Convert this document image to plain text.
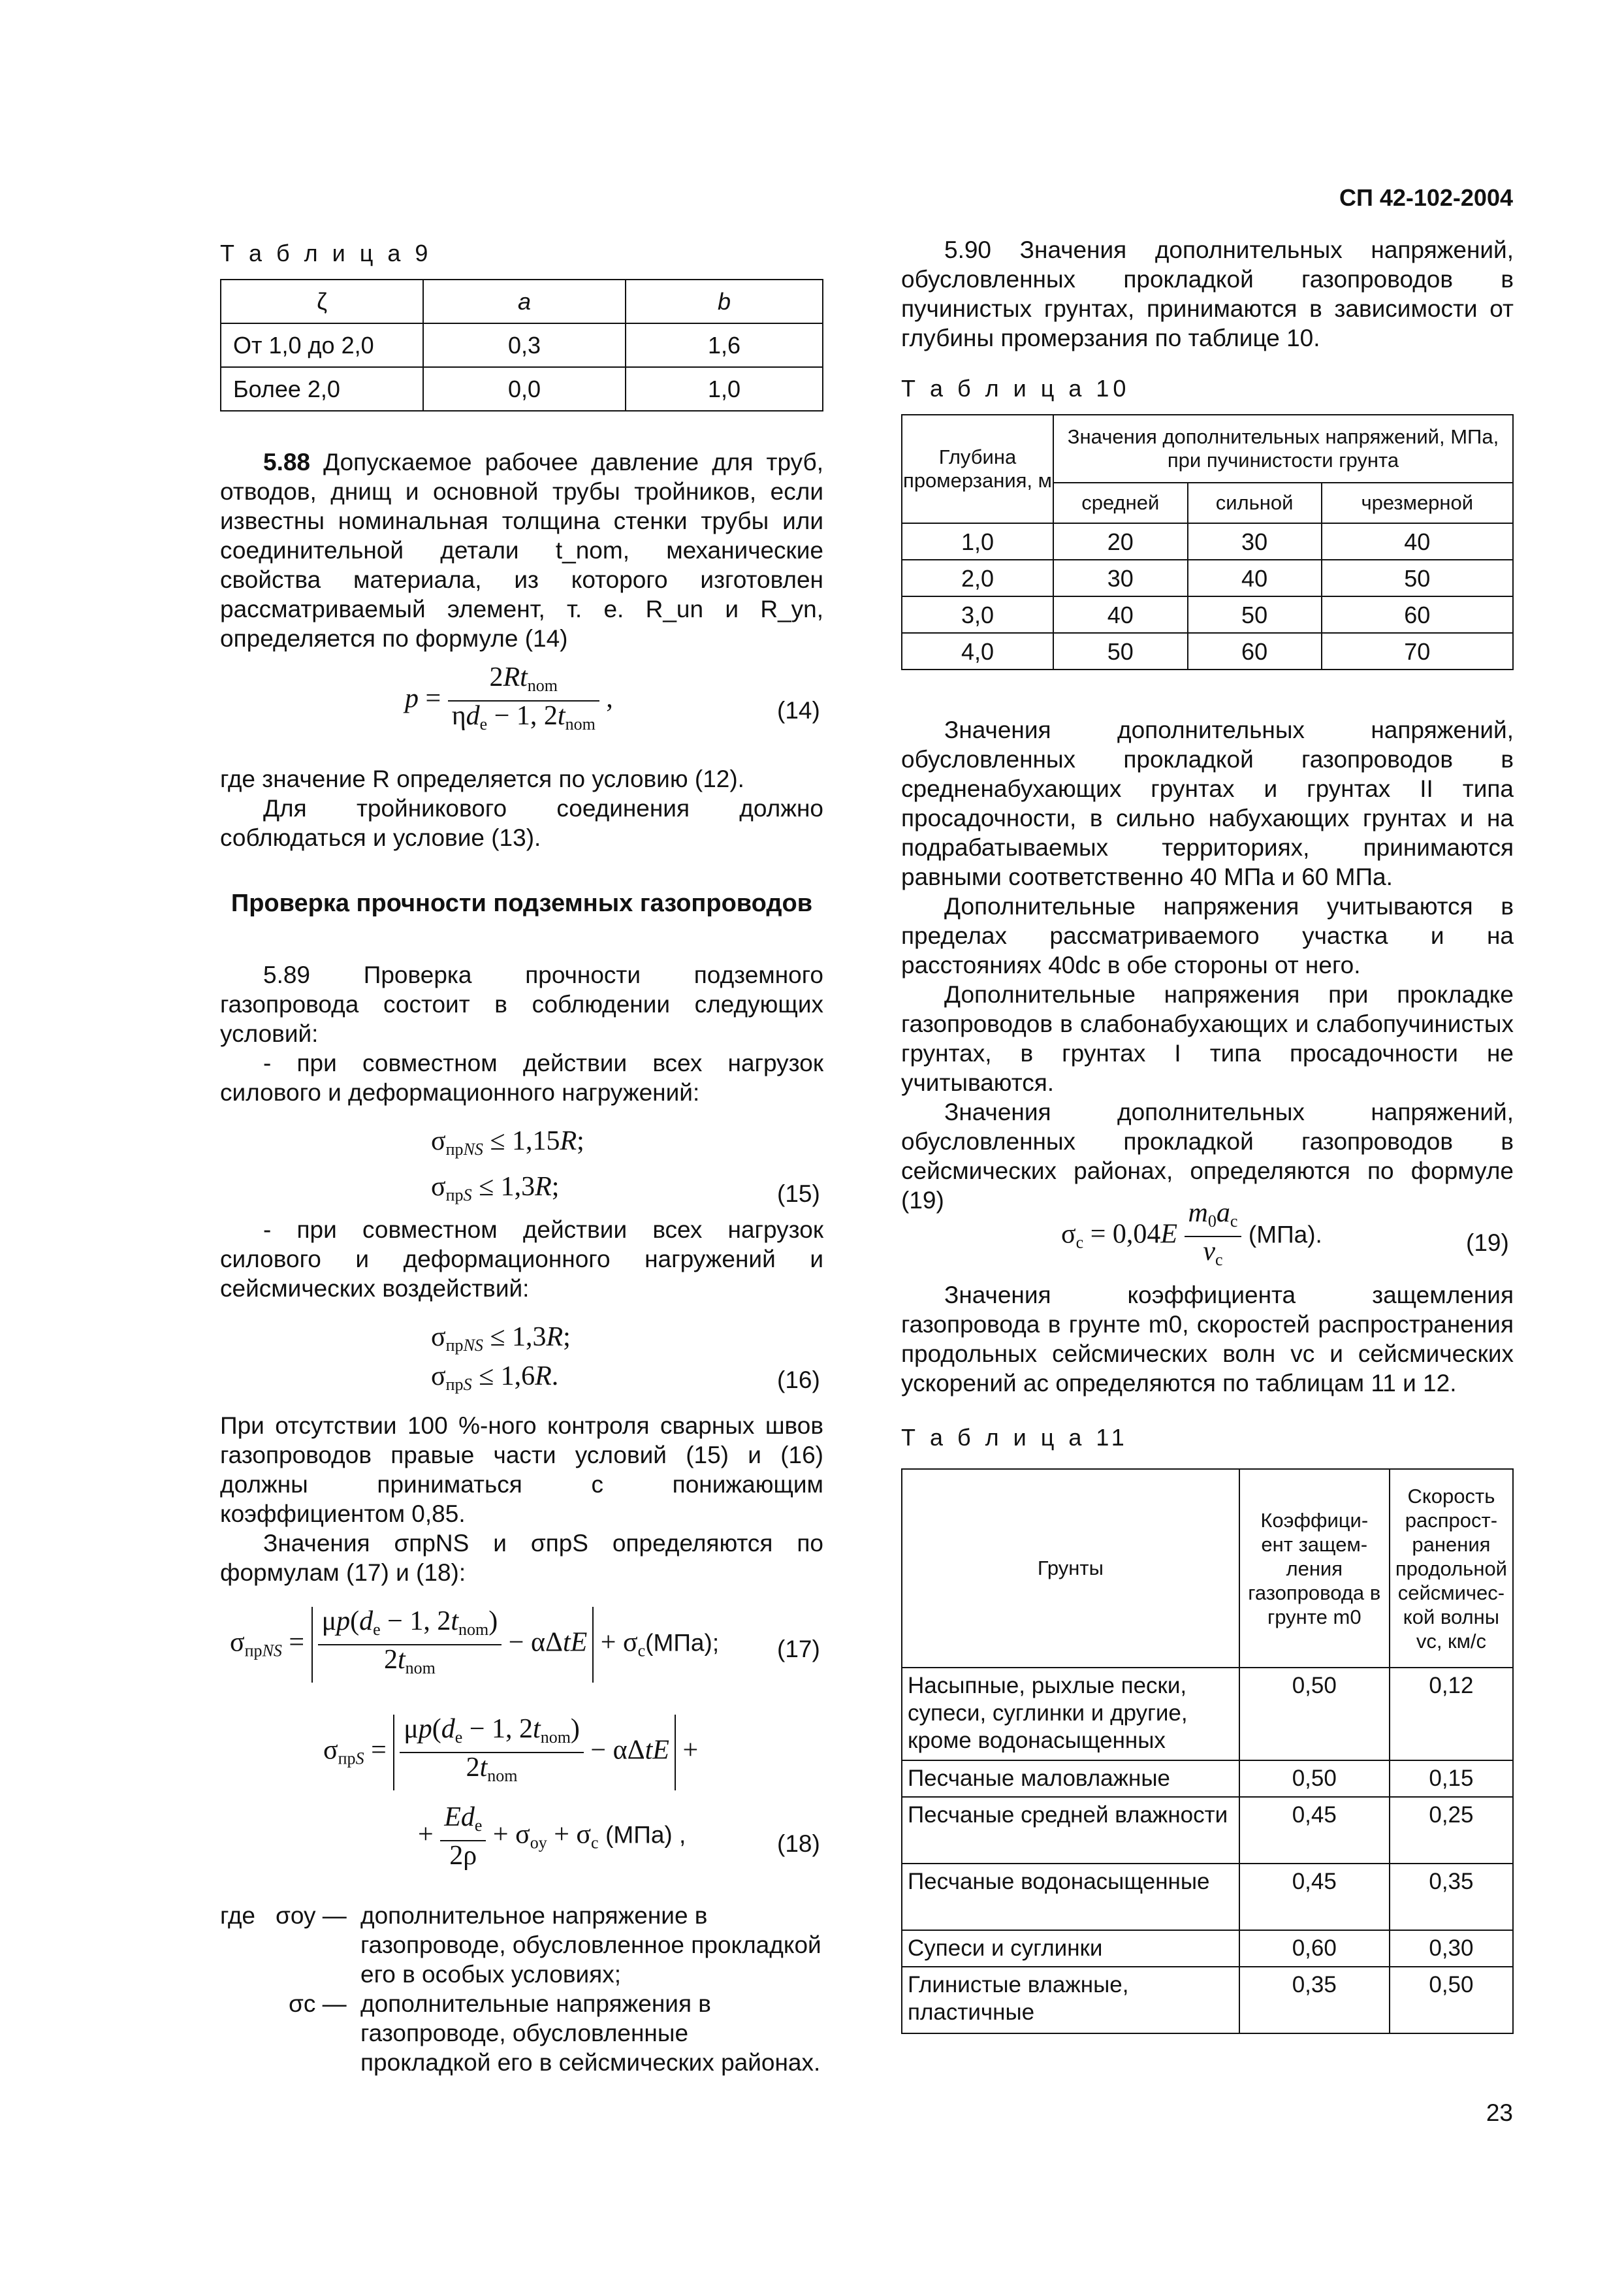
СП 42-102-2004
Т а б л и ц а 9
ζ	a	b
От 1,0 до 2,0	0,3	1,6
Более 2,0	0,0	1,0

5.88 Допускаемое рабочее давление для труб, отводов, днищ и основной трубы тройников, если известны номинальная толщина стенки трубы или соединительной детали t_nom, механические свойства материала, из которого изготовлен рассматриваемый элемент, т. е. R_un и R_yn, определяется по формуле (14)

$p = \frac{2Rt_{nom}}{\eta d_e - 1, 2t_{nom}}$ ,	(14)

где значение R определяется по условию (12).

Для тройникового соединения должно соблюдаться и условие (13).

Проверка прочности подземных газопроводов

5.89 Проверка прочности подземного газопровода состоит в соблюдении следующих условий:

- при совместном действии всех нагрузок силового и деформационного нагружений:

$\sigma_{прNS} \le 1,15R$;
$\sigma_{прS} \le 1,3R$;	(15)

- при совместном действии всех нагрузок силового и деформационного нагружений и сейсмических воздействий:

$\sigma_{прNS} \le 1,3R$;
$\sigma_{прS} \le 1,6R$.	(16)

При отсутствии 100 %-ного контроля сварных швов газопроводов правые части условий (15) и (16) должны приниматься с понижающим коэффициентом 0,85.

Значения σпрNS и σпрS определяются по формулам (17) и (18):

$\sigma_{прNS} = \frac{\mu p(d_e - 1, 2t_{nom})}{2t_{nom}} - \alpha\Delta tE + \sigma_c(МПа)$; (17)
$\sigma_{прS} = \frac{\mu p(d_e - 1, 2t_{nom})}{2t_{nom}} - \alpha\Delta tE$ +
+ $\frac{Ed_e}{2\rho} + \sigma_{oy} + \sigma_c$ (МПа) ,	(18)
где σоу — дополнительное напряжение в газопроводе, обусловленное прокладкой его в особых условиях;
σс — дополнительные напряжения в газопроводе, обусловленные прокладкой его в сейсмических районах.

5.90 Значения дополнительных напряжений, обусловленных прокладкой газопроводов в пучинистых грунтах, принимаются в зависимости от глубины промерзания по таблице 10.

Т а б л и ц а 10
Глубина промерзания, м	Значения дополнительных напряжений, МПа, при пучинистости грунта		
	средней	сильной	чрезмерной
1,0	20	30	40
2,0	30	40	50
3,0	40	50	60
4,0	50	60	70

Значения дополнительных напряжений, обусловленных прокладкой газопроводов в средненабухающих грунтах и грунтах II типа просадочности, в сильно набухающих грунтах и на подрабатываемых территориях, принимаются равными соответственно 40 МПа и 60 МПа.

Дополнительные напряжения учитываются в пределах рассматриваемого участка и на расстояниях 40dс в обе стороны от него.

Дополнительные напряжения при прокладке газопроводов в слабонабухающих и слабопучинистых грунтах, в грунтах I типа просадочности не учитываются.

Значения дополнительных напряжений, обусловленных прокладкой газопроводов в сейсмических районах, определяются по формуле (19)

$\sigma_c = 0,04E \frac{m_0a_c}{v_c} (МПа)$.	(19)

Значения коэффициента защемления газопровода в грунте m0, скоростей распространения продольных сейсмических волн vс и сейсмических ускорений aс определяются по таблицам 11 и 12.

Т а б л и ц а 11
Грунты	Коэффици-ент защем-ления газопровода в грунте m0	Скорость распрост-ранения продольной сейсмичес-кой волны vс, км/с
Насыпные, рыхлые пески, супеси, суглинки и другие, кроме водонасыщенных	0,50	0,12
Песчаные маловлажные	0,50	0,15
Песчаные средней влажности	0,45	0,25
Песчаные водонасыщенные	0,45	0,35
Супеси и суглинки	0,60	0,30
Глинистые влажные, пластичные	0,35	0,50
23
